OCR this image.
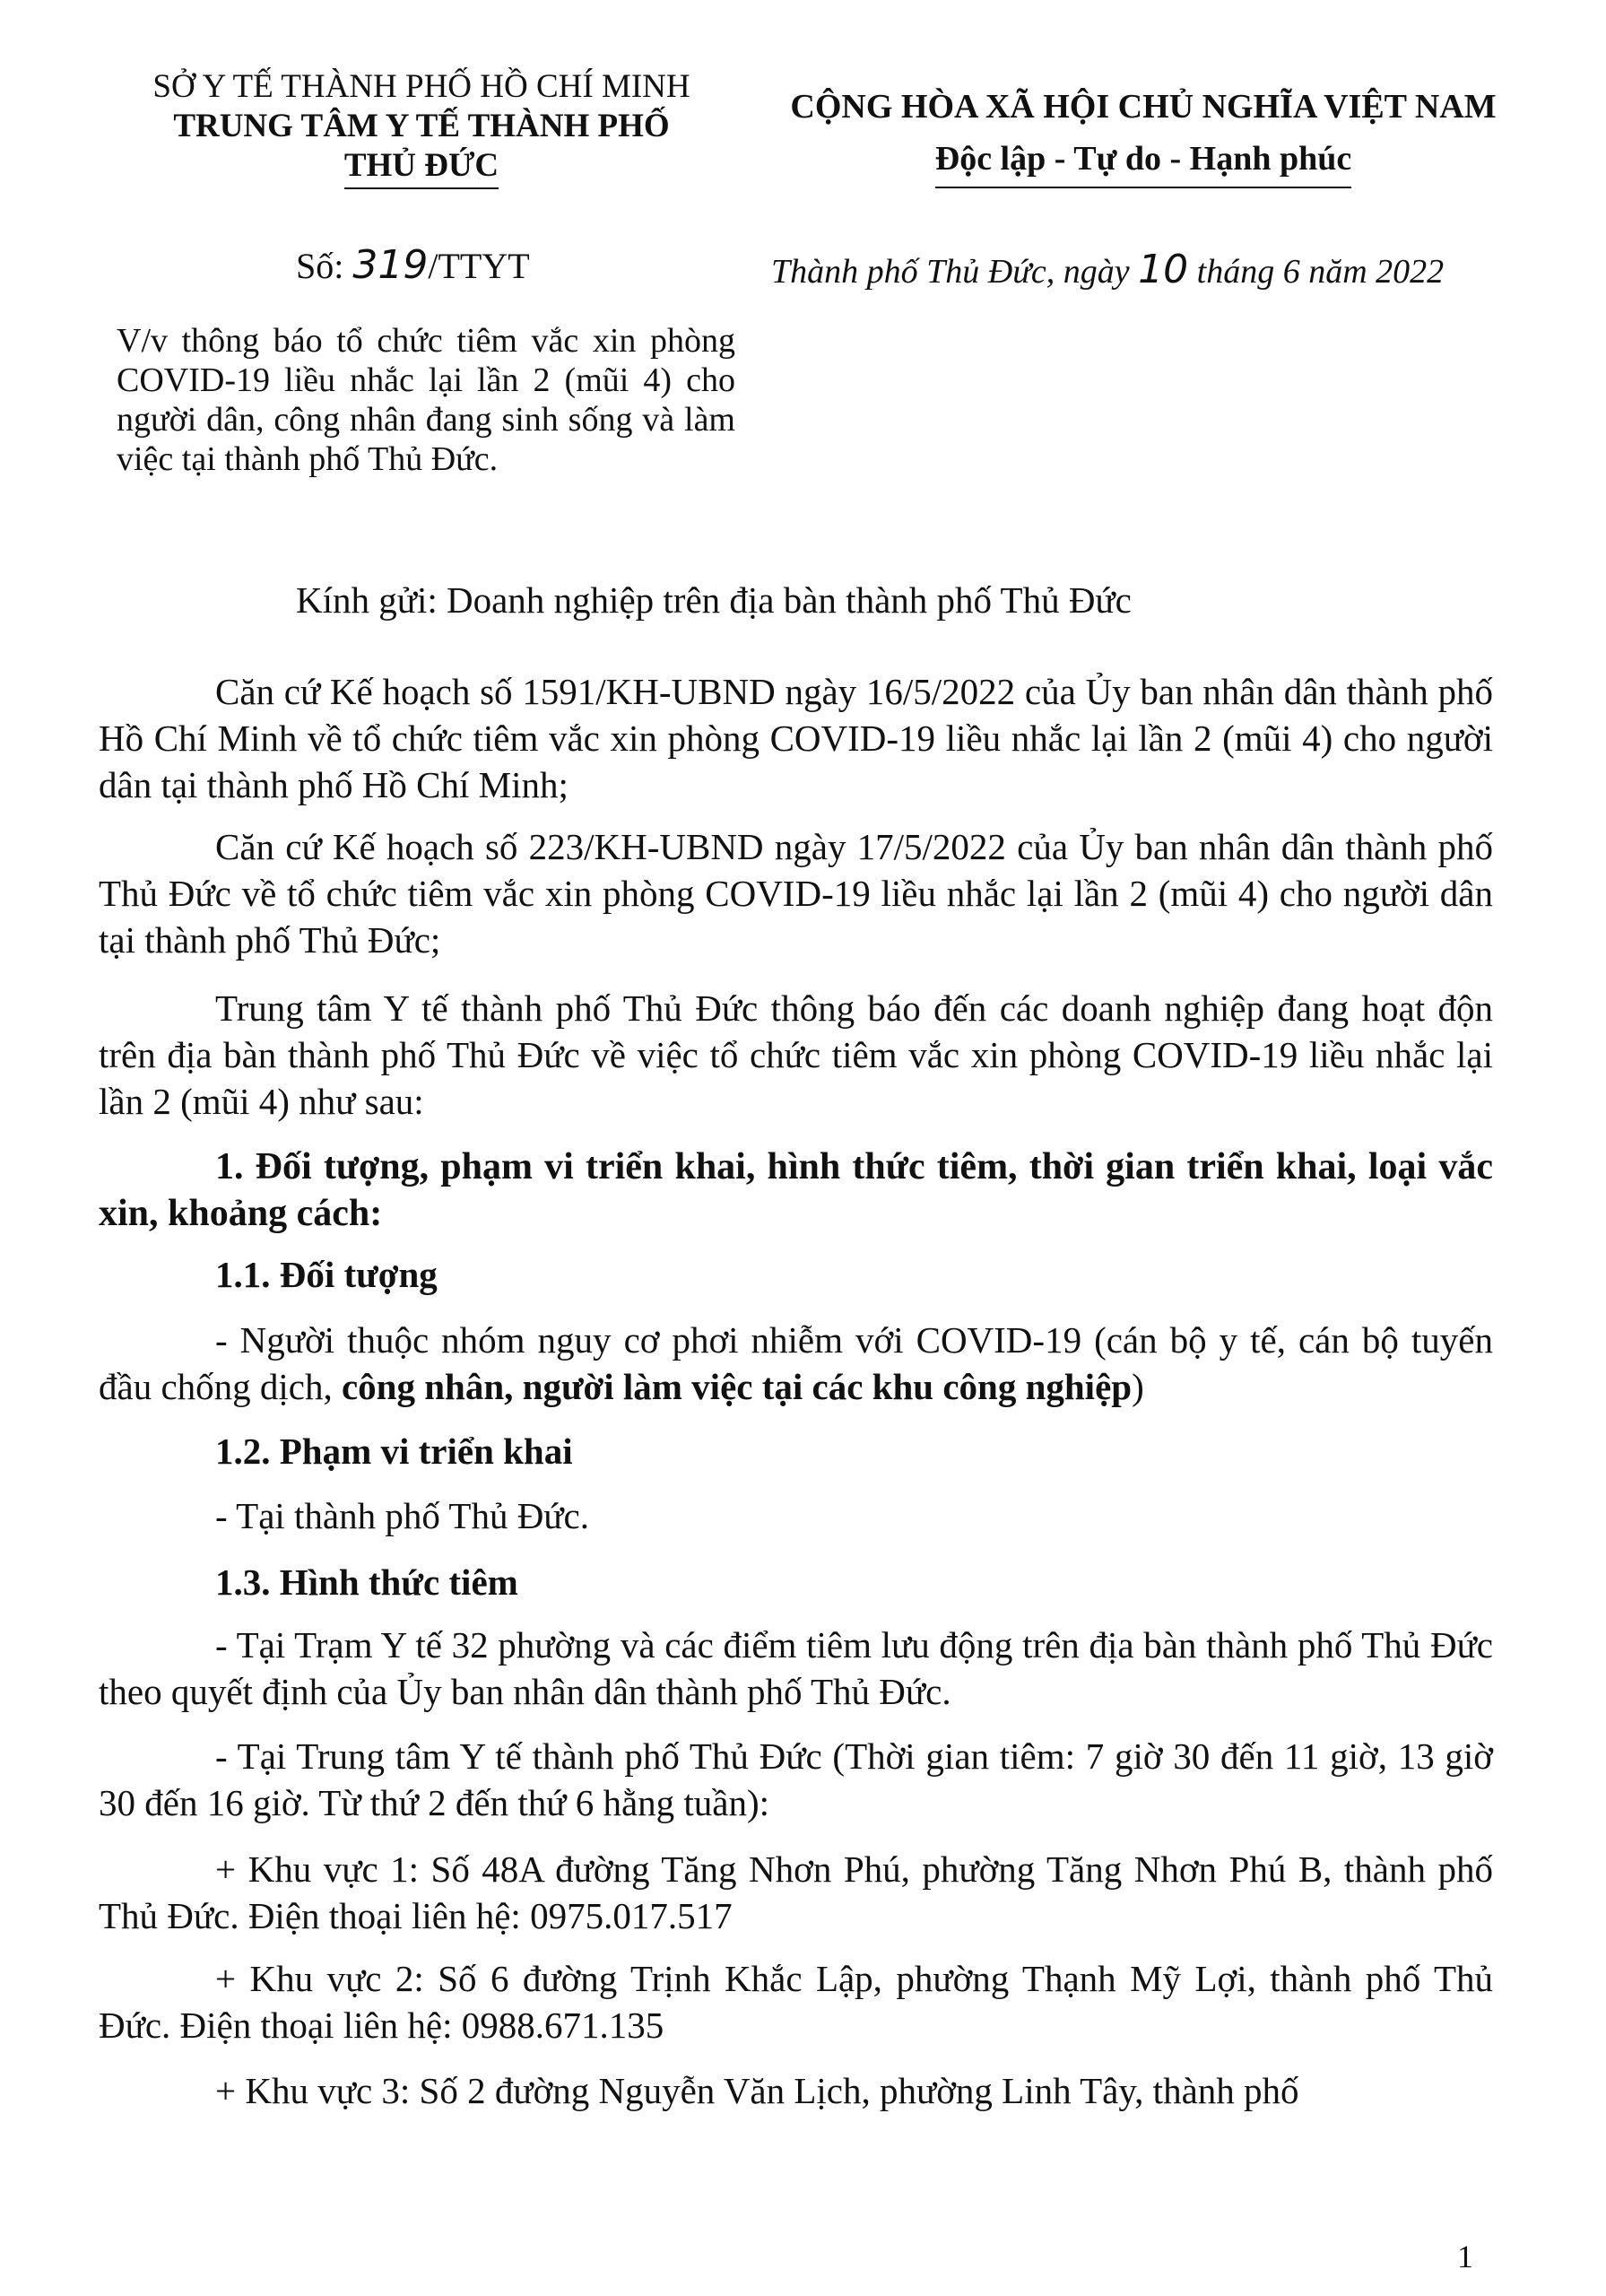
SỞ Y TẾ THÀNH PHỐ HỒ CHÍ MINH
TRUNG TÂM Y TẾ THÀNH PHỐ
THỦ ĐỨC
CỘNG HÒA XÃ HỘI CHỦ NGHĨA VIỆT NAM
Độc lập - Tự do - Hạnh phúc
Số: 319/TTYT	Thành phố Thủ Đức, ngày 10 tháng 6 năm 2022
V/v thông báo tổ chức tiêm vắc xin phòng COVID-19 liều nhắc lại lần 2 (mũi 4) cho người dân, công nhân đang sinh sống và làm việc tại thành phố Thủ Đức.
Kính gửi: Doanh nghiệp trên địa bàn thành phố Thủ Đức
Căn cứ Kế hoạch số 1591/KH-UBND ngày 16/5/2022 của Ủy ban nhân dân thành phố Hồ Chí Minh về tổ chức tiêm vắc xin phòng COVID-19 liều nhắc lại lần 2 (mũi 4) cho người dân tại thành phố Hồ Chí Minh;
Căn cứ Kế hoạch số 223/KH-UBND ngày 17/5/2022 của Ủy ban nhân dân thành phố Thủ Đức về tổ chức tiêm vắc xin phòng COVID-19 liều nhắc lại lần 2 (mũi 4) cho người dân tại thành phố Thủ Đức;
Trung tâm Y tế thành phố Thủ Đức thông báo đến các doanh nghiệp đang hoạt độn trên địa bàn thành phố Thủ Đức về việc tổ chức tiêm vắc xin phòng COVID-19 liều nhắc lại lần 2 (mũi 4) như sau:
1. Đối tượng, phạm vi triển khai, hình thức tiêm, thời gian triển khai, loại vắc xin, khoảng cách:
1.1. Đối tượng
- Người thuộc nhóm nguy cơ phơi nhiễm với COVID-19 (cán bộ y tế, cán bộ tuyến đầu chống dịch, công nhân, người làm việc tại các khu công nghiệp)
1.2. Phạm vi triển khai
- Tại thành phố Thủ Đức.
1.3. Hình thức tiêm
- Tại Trạm Y tế 32 phường và các điểm tiêm lưu động trên địa bàn thành phố Thủ Đức theo quyết định của Ủy ban nhân dân thành phố Thủ Đức.
- Tại Trung tâm Y tế thành phố Thủ Đức (Thời gian tiêm: 7 giờ 30 đến 11 giờ, 13 giờ 30 đến 16 giờ. Từ thứ 2 đến thứ 6 hằng tuần):
+ Khu vực 1: Số 48A đường Tăng Nhơn Phú, phường Tăng Nhơn Phú B, thành phố Thủ Đức. Điện thoại liên hệ: 0975.017.517
+ Khu vực 2: Số 6 đường Trịnh Khắc Lập, phường Thạnh Mỹ Lợi, thành phố Thủ Đức. Điện thoại liên hệ: 0988.671.135
+ Khu vực 3: Số 2 đường Nguyễn Văn Lịch, phường Linh Tây, thành phố
1
